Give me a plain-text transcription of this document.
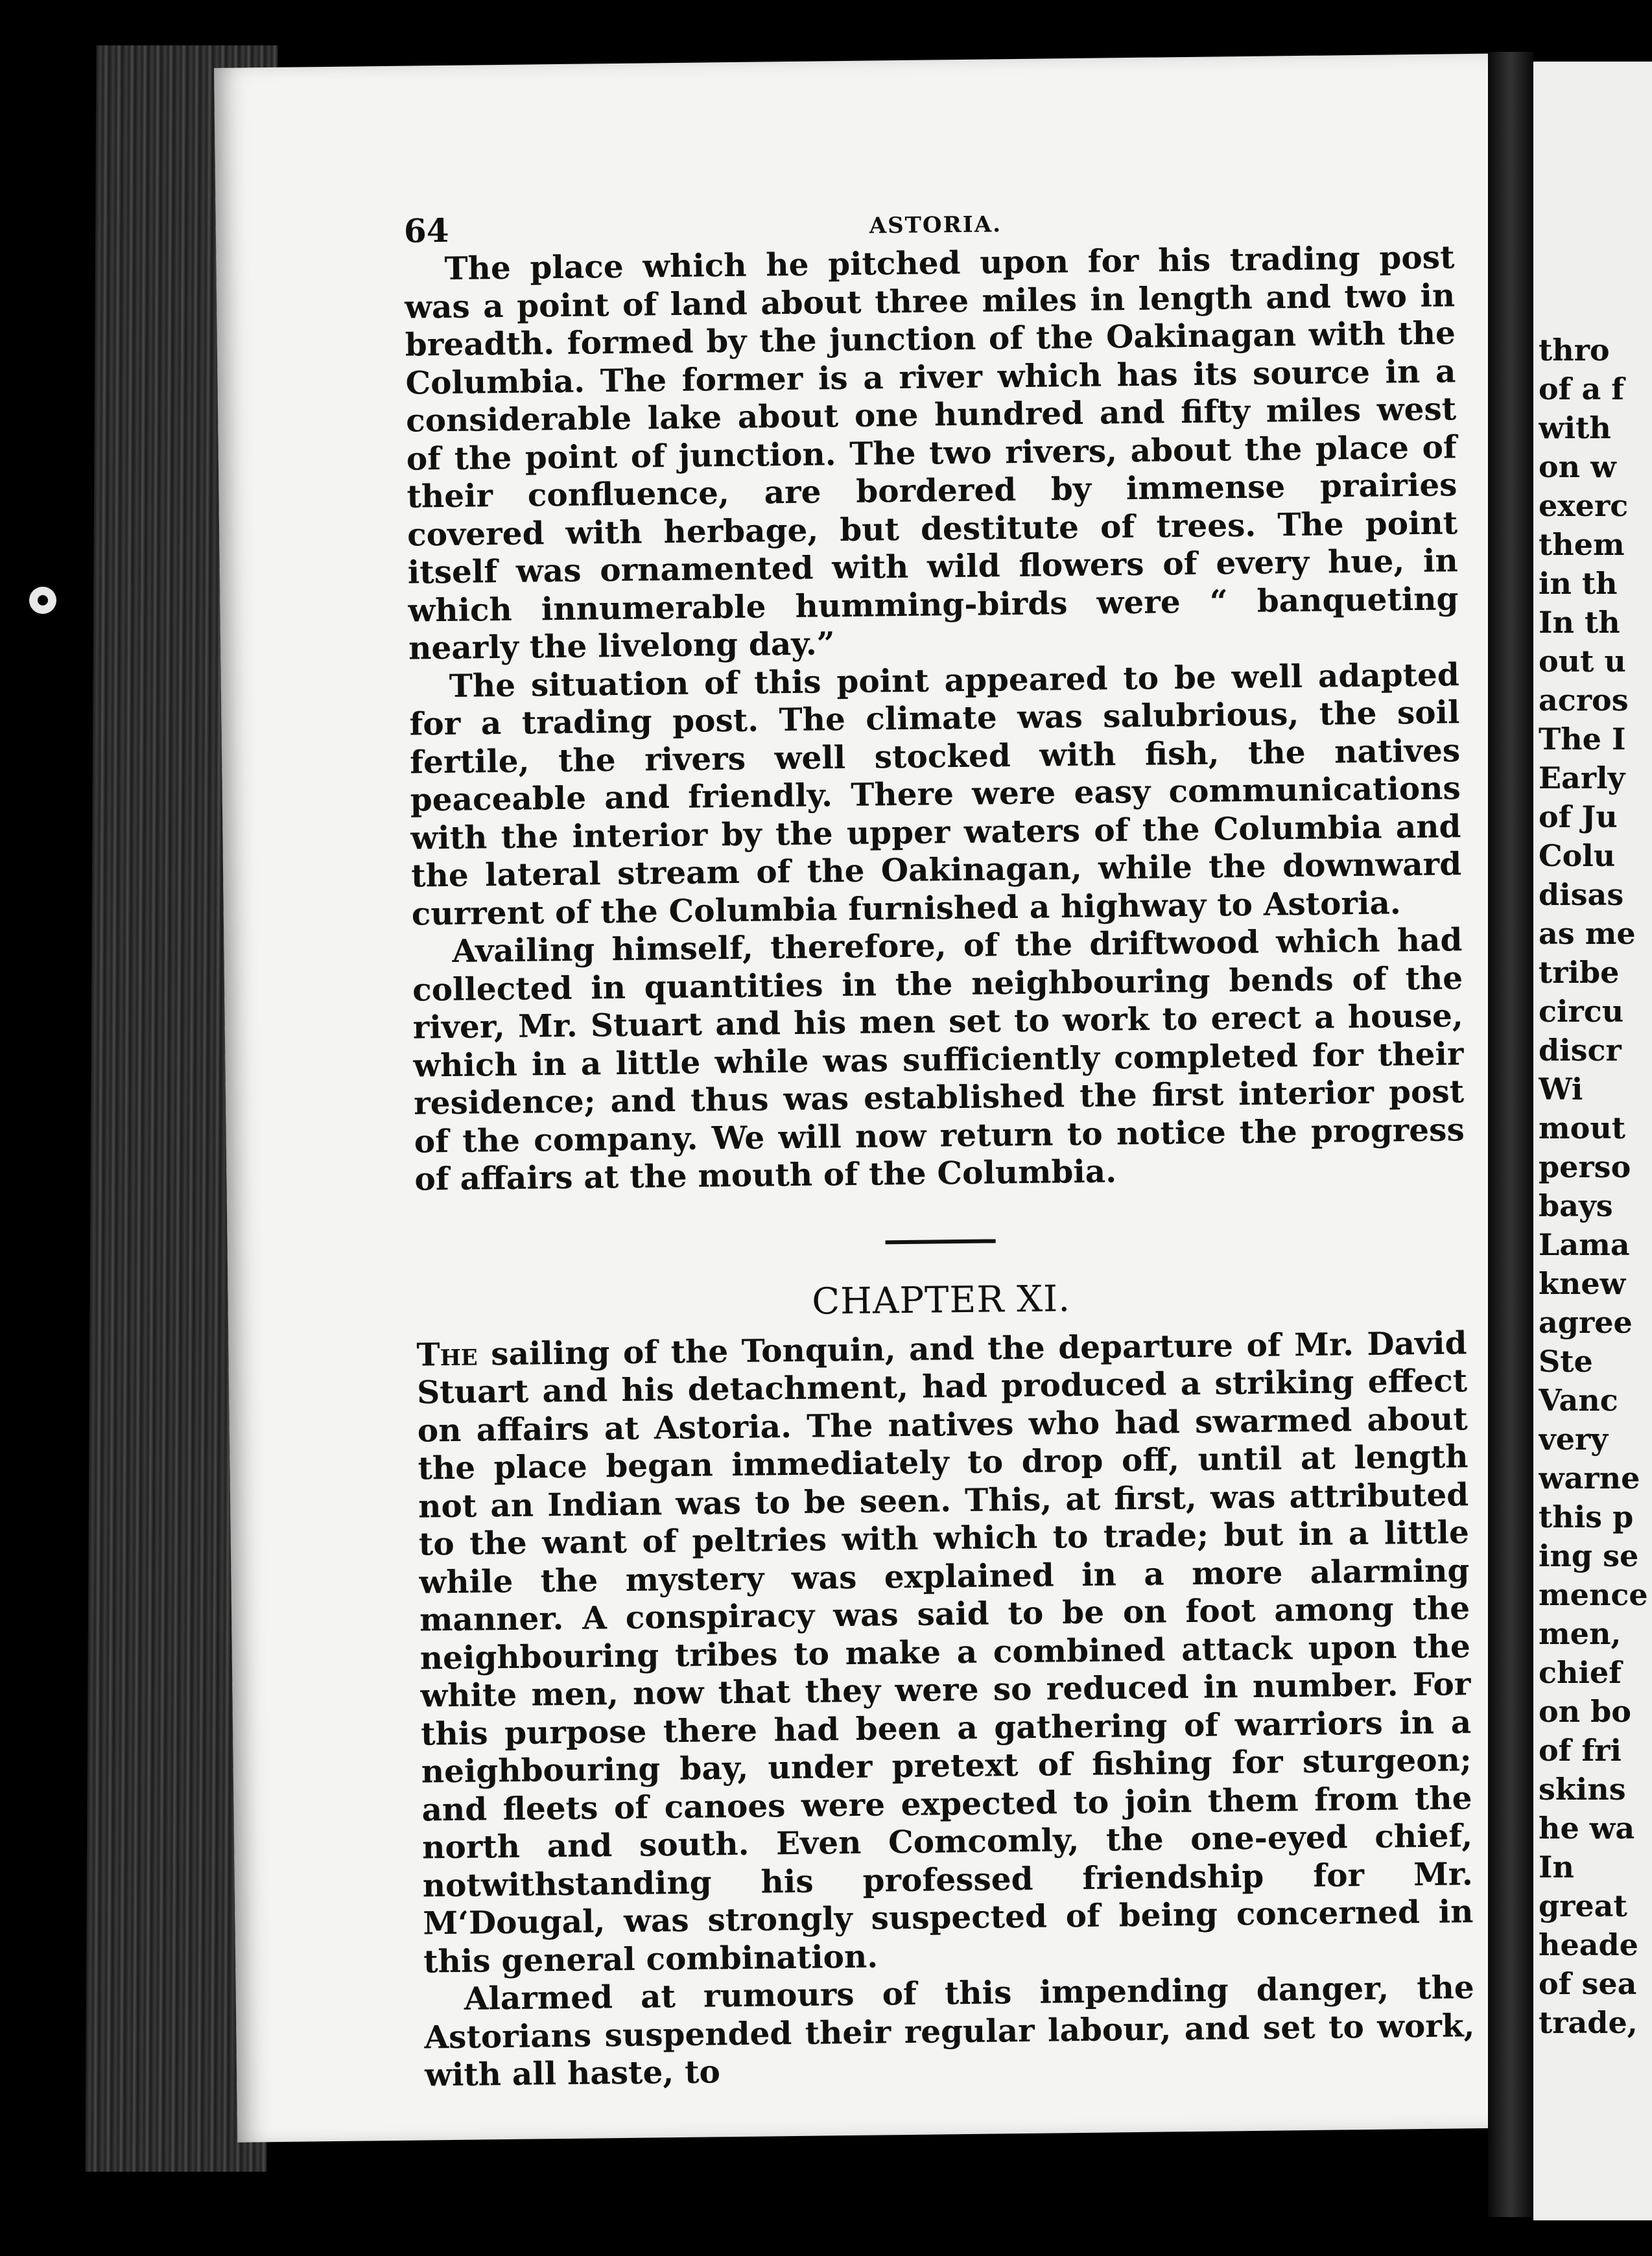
64	ASTORIA.

The place which he pitched upon for his trading post was a point of land about three miles in length and two in breadth. formed by the junction of the Oakinagan with the Columbia. The former is a river which has its source in a considerable lake about one hundred and fifty miles west of the point of junction. The two rivers, about the place of their confluence, are bordered by immense prairies covered with herbage, but destitute of trees. The point itself was ornamented with wild flowers of every hue, in which innumerable humming-birds were “ banqueting nearly the livelong day.”

The situation of this point appeared to be well adapted for a trading post. The climate was salubrious, the soil fertile, the rivers well stocked with fish, the natives peaceable and friendly. There were easy communications with the interior by the upper waters of the Columbia and the lateral stream of the Oakinagan, while the downward current of the Columbia furnished a highway to Astoria.

Availing himself, therefore, of the driftwood which had collected in quantities in the neighbouring bends of the river, Mr. Stuart and his men set to work to erect a house, which in a little while was sufficiently completed for their residence; and thus was established the first interior post of the company. We will now return to notice the progress of affairs at the mouth of the Columbia.

CHAPTER XI.

The sailing of the Tonquin, and the departure of Mr. David Stuart and his detachment, had produced a striking effect on affairs at Astoria. The natives who had swarmed about the place began immediately to drop off, until at length not an Indian was to be seen. This, at first, was attributed to the want of peltries with which to trade; but in a little while the mystery was explained in a more alarming manner. A conspiracy was said to be on foot among the neighbouring tribes to make a combined attack upon the white men, now that they were so reduced in number. For this purpose there had been a gathering of warriors in a neighbouring bay, under pretext of fishing for sturgeon; and fleets of canoes were expected to join them from the north and south. Even Comcomly, the one-eyed chief, notwithstanding his professed friendship for Mr. M‘Dougal, was strongly suspected of being concerned in this general combination.

Alarmed at rumours of this impending danger, the Astorians suspended their regular labour, and set to work, with all haste, to

thro
of a f
with
on w
exerc
them
in th
In th
out u
acros
The I
Early
of Ju
Colu
disas
as me
tribe
circu
discr
Wi
mout
perso
bays
Lama
knew
agree
Ste
Vanc
very
warne
this p
ing se
mence
men,
chief
on bo
of fri
skins
he wa
In
great
heade
of sea
trade,
